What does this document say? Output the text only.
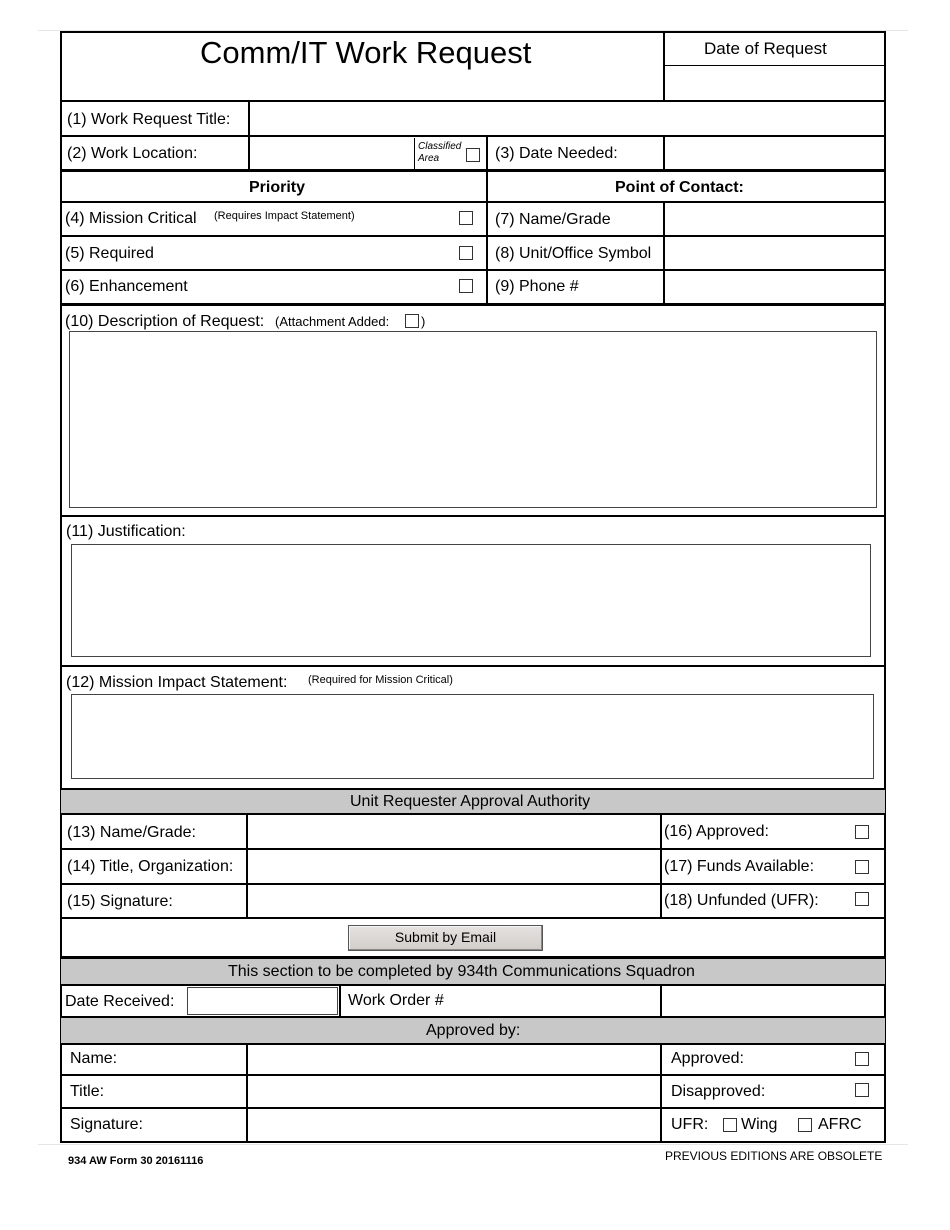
Comm/IT Work Request	Date of Request
(1) Work Request Title:
(2) Work Location:	Classified Area	(3) Date Needed:
Priority	Point of Contact:
(4) Mission Critical (Requires Impact Statement)	(7) Name/Grade
(5) Required	(8) Unit/Office Symbol
(6) Enhancement	(9) Phone #
(10) Description of Request: (Attachment Added: )
(11) Justification:
(12) Mission Impact Statement: (Required for Mission Critical)
Unit Requester Approval Authority
(13) Name/Grade:	(16) Approved:
(14) Title, Organization:	(17) Funds Available:
(15) Signature:	(18) Unfunded (UFR):
Submit by Email
This section to be completed by 934th Communications Squadron
Date Received:	Work Order #
Approved by:
Name:	Approved:
Title:	Disapproved:
Signature:	UFR: Wing	AFRC
934 AW Form 30 20161116	PREVIOUS EDITIONS ARE OBSOLETE
